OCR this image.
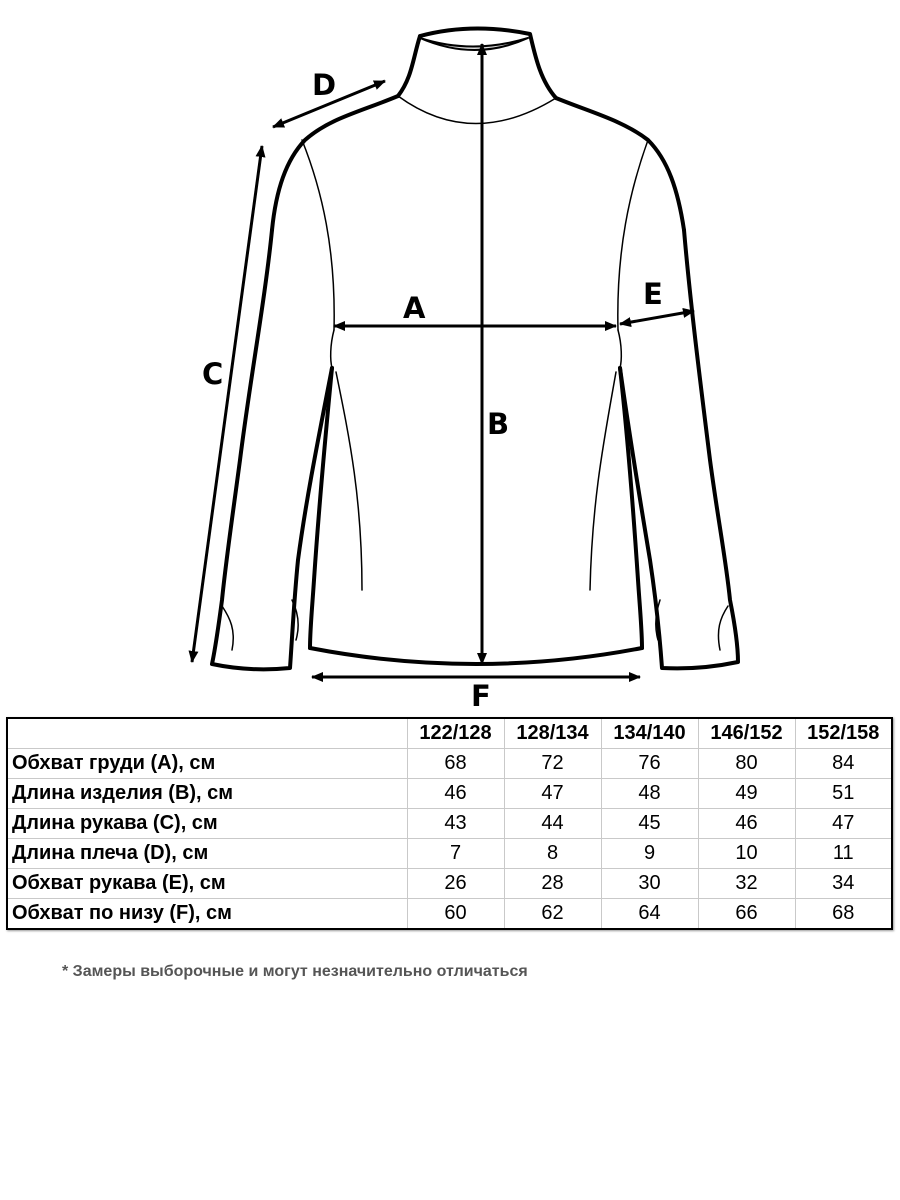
A
B
C
D
E
F
	122/128	128/134	134/140	146/152	152/158
Обхват груди (A), см	68	72	76	80	84
Длина изделия (B), см	46	47	48	49	51
Длина рукава (C), см	43	44	45	46	47
Длина плеча (D), см	7	8	9	10	11
Обхват рукава (E), см	26	28	30	32	34
Обхват по низу (F), см	60	62	64	66	68
* Замеры выборочные и могут незначительно отличаться
